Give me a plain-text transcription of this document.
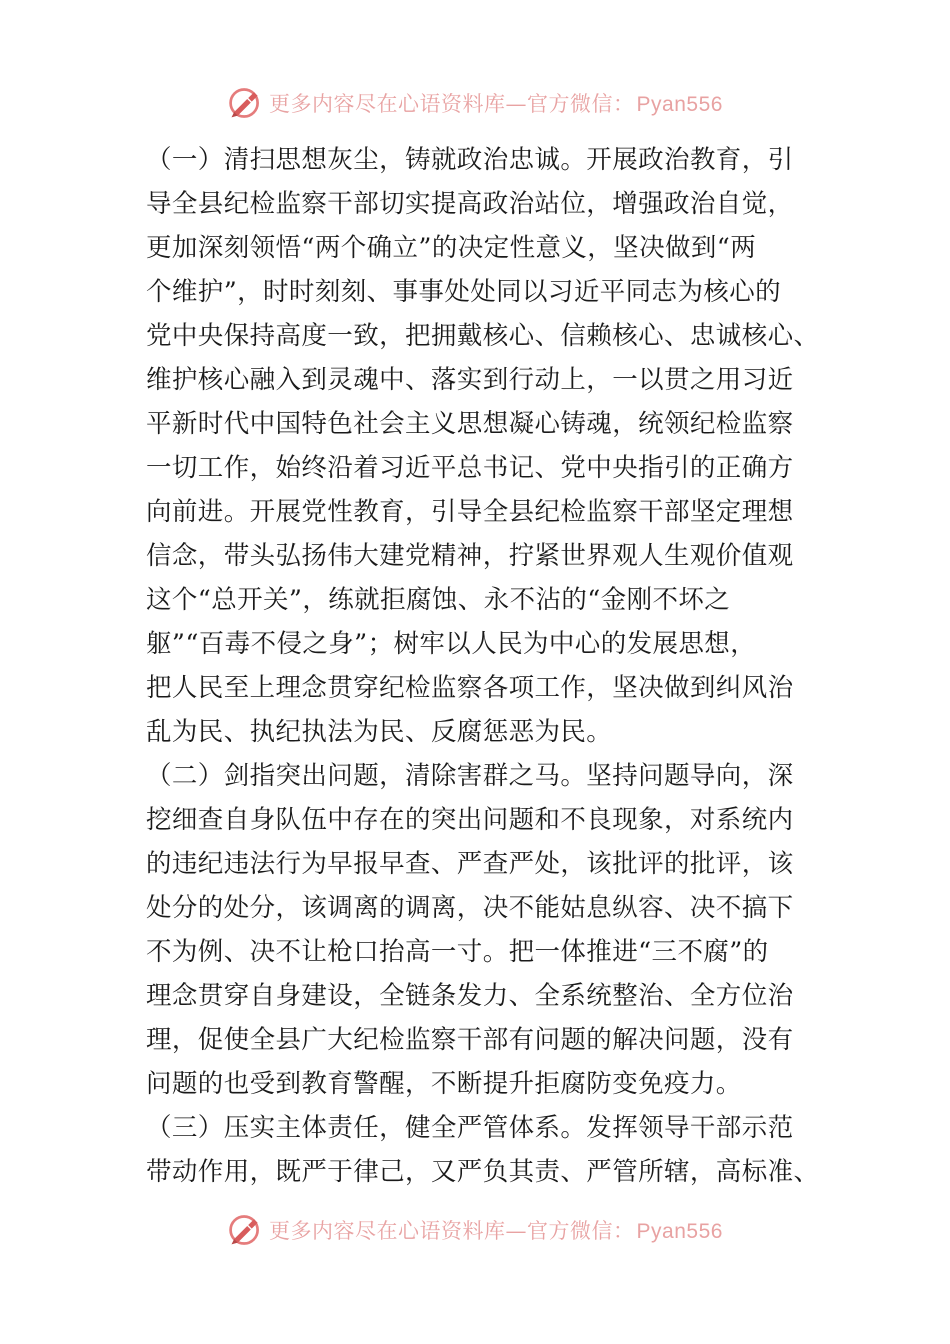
更多内容尽在心语资料库—官方微信：Pyan556
（一）清扫思想灰尘，铸就政治忠诚。开展政治教育，引
导全县纪检监察干部切实提高政治站位，增强政治自觉，
更加深刻领悟“两个确立”的决定性意义，坚决做到“两
个维护”，时时刻刻、事事处处同以习近平同志为核心的
党中央保持高度一致，把拥戴核心、信赖核心、忠诚核心、
维护核心融入到灵魂中、落实到行动上，一以贯之用习近
平新时代中国特色社会主义思想凝心铸魂，统领纪检监察
一切工作，始终沿着习近平总书记、党中央指引的正确方
向前进。开展党性教育，引导全县纪检监察干部坚定理想
信念，带头弘扬伟大建党精神，拧紧世界观人生观价值观
这个“总开关”，练就拒腐蚀、永不沾的“金刚不坏之
躯”“百毒不侵之身”；树牢以人民为中心的发展思想，
把人民至上理念贯穿纪检监察各项工作，坚决做到纠风治
乱为民、执纪执法为民、反腐惩恶为民。
（二）剑指突出问题，清除害群之马。坚持问题导向，深
挖细查自身队伍中存在的突出问题和不良现象，对系统内
的违纪违法行为早报早查、严查严处，该批评的批评，该
处分的处分，该调离的调离，决不能姑息纵容、决不搞下
不为例、决不让枪口抬高一寸。把一体推进“三不腐”的
理念贯穿自身建设，全链条发力、全系统整治、全方位治
理，促使全县广大纪检监察干部有问题的解决问题，没有
问题的也受到教育警醒，不断提升拒腐防变免疫力。
（三）压实主体责任，健全严管体系。发挥领导干部示范
带动作用，既严于律己，又严负其责、严管所辖，高标准、
更多内容尽在心语资料库—官方微信：Pyan556
